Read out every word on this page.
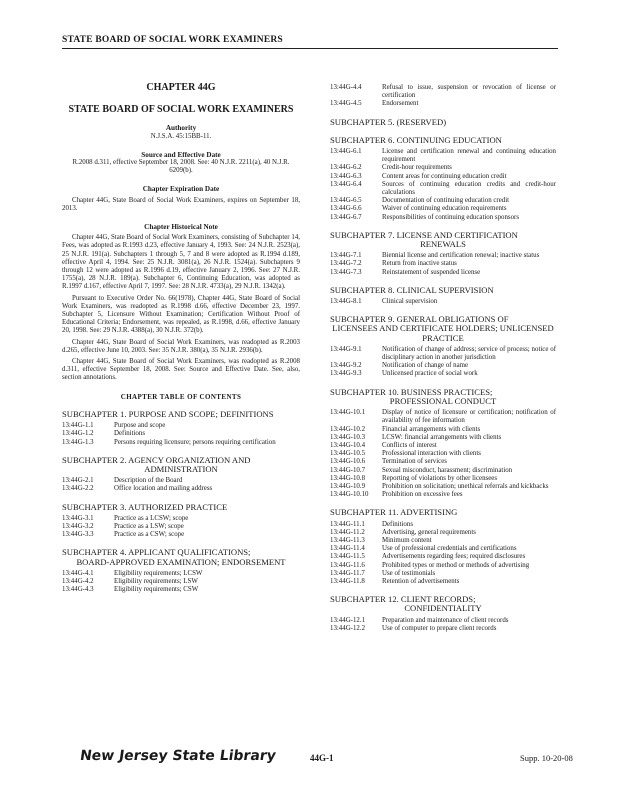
STATE BOARD OF SOCIAL WORK EXAMINERS
CHAPTER 44G
STATE BOARD OF SOCIAL WORK EXAMINERS
Authority
N.J.S.A. 45:15BB-11.
Source and Effective Date
R.2008 d.311, effective September 18, 2008. See: 40 N.J.R. 2211(a), 40 N.J.R. 6209(b).
Chapter Expiration Date
Chapter 44G, State Board of Social Work Examiners, expires on September 18, 2013.
Chapter Historical Note
Chapter 44G, State Board of Social Work Examiners, consisting of Subchapter 14, Fees, was adopted as R.1993 d.23, effective January 4, 1993. See: 24 N.J.R. 2523(a), 25 N.J.R. 191(a). Subchapters 1 through 5, 7 and 8 were adopted as R.1994 d.189, effective April 4, 1994. See: 25 N.J.R. 3081(a), 26 N.J.R. 1524(a). Subchapters 9 through 12 were adopted as R.1996 d.19, effective January 2, 1996. See: 27 N.J.R. 1755(a), 28 N.J.R. 189(a). Subchapter 6, Continuing Education, was adopted as R.1997 d.167, effective April 7, 1997. See: 28 N.J.R. 4733(a), 29 N.J.R. 1342(a).
Pursuant to Executive Order No. 66(1978), Chapter 44G, State Board of Social Work Examiners, was readopted as R.1998 d.66, effective December 23, 1997. Subchapter 5, Licensure Without Examination; Certification Without Proof of Educational Criteria; Endorsement, was repealed, as R.1998, d.66, effective January 20, 1998. See: 29 N.J.R. 4388(a), 30 N.J.R. 372(b).
Chapter 44G, State Board of Social Work Examiners, was readopted as R.2003 d.265, effective June 10, 2003. See: 35 N.J.R. 380(a), 35 N.J.R. 2936(b).
Chapter 44G, State Board of Social Work Examiners, was readopted as R.2008 d.311, effective September 18, 2008. See: Source and Effective Date. See, also, section annotations.
CHAPTER TABLE OF CONTENTS
SUBCHAPTER 1. PURPOSE AND SCOPE; DEFINITIONS
13:44G-1.1	Purpose and scope
13:44G-1.2	Definitions
13:44G-1.3	Persons requiring licensure; persons requiring certification
SUBCHAPTER 2. AGENCY ORGANIZATION AND
ADMINISTRATION
13:44G-2.1	Description of the Board
13:44G-2.2	Office location and mailing address
SUBCHAPTER 3. AUTHORIZED PRACTICE
13:44G-3.1	Practice as a LCSW; scope
13:44G-3.2	Practice as a LSW; scope
13:44G-3.3	Practice as a CSW; scope
SUBCHAPTER 4. APPLICANT QUALIFICATIONS;
BOARD-APPROVED EXAMINATION; ENDORSEMENT
13:44G-4.1	Eligibility requirements; LCSW
13:44G-4.2	Eligibility requirements; LSW
13:44G-4.3	Eligibility requirements; CSW
13:44G-4.4	Refusal to issue, suspension or revocation of license or certification
13:44G-4.5	Endorsement
SUBCHAPTER 5. (RESERVED)
SUBCHAPTER 6. CONTINUING EDUCATION
13:44G-6.1	License and certification renewal and continuing education requirement
13:44G-6.2	Credit-hour requirements
13:44G-6.3	Content areas for continuing education credit
13:44G-6.4	Sources of continuing education credits and credit-hour calculations
13:44G-6.5	Documentation of continuing education credit
13:44G-6.6	Waiver of continuing education requirements
13:44G-6.7	Responsibilities of continuing education sponsors
SUBCHAPTER 7. LICENSE AND CERTIFICATION
RENEWALS
13:44G-7.1	Biennial license and certification renewal; inactive status
13:44G-7.2	Return from inactive status
13:44G-7.3	Reinstatement of suspended license
SUBCHAPTER 8. CLINICAL SUPERVISION
13:44G-8.1	Clinical supervision
SUBCHAPTER 9. GENERAL OBLIGATIONS OF
LICENSEES AND CERTIFICATE HOLDERS; UNLICENSED PRACTICE
13:44G-9.1	Notification of change of address; service of process; notice of disciplinary action in another jurisdiction
13:44G-9.2	Notification of change of name
13:44G-9.3	Unlicensed practice of social work
SUBCHAPTER 10. BUSINESS PRACTICES;
PROFESSIONAL CONDUCT
13:44G-10.1	Display of notice of licensure or certification; notification of availability of fee information
13:44G-10.2	Financial arrangements with clients
13:44G-10.3	LCSW: financial arrangements with clients
13:44G-10.4	Conflicts of interest
13:44G-10.5	Professional interaction with clients
13:44G-10.6	Termination of services
13:44G-10.7	Sexual misconduct, harassment; discrimination
13:44G-10.8	Reporting of violations by other licensees
13:44G-10.9	Prohibition on solicitation; unethical referrals and kickbacks
13:44G-10.10	Prohibition on excessive fees
SUBCHAPTER 11. ADVERTISING
13:44G-11.1	Definitions
13:44G-11.2	Advertising, general requirements
13:44G-11.3	Minimum content
13:44G-11.4	Use of professional credentials and certifications
13:44G-11.5	Advertisements regarding fees; required disclosures
13:44G-11.6	Prohibited types or method or methods of advertising
13:44G-11.7	Use of testimonials
13:44G-11.8	Retention of advertisements
SUBCHAPTER 12. CLIENT RECORDS;
CONFIDENTIALITY
13:44G-12.1	Preparation and maintenance of client records
13:44G-12.2	Use of computer to prepare client records
New Jersey State Library	44G-1	Supp. 10-20-08
